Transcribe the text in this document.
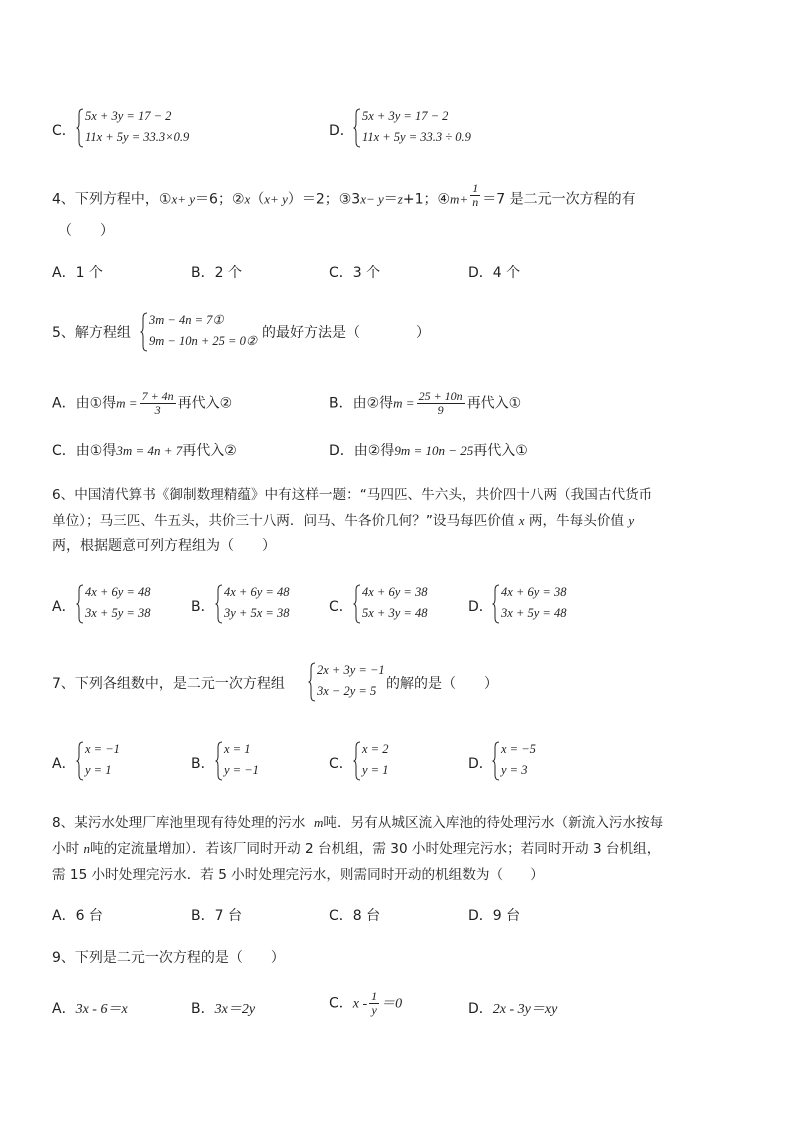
C．
5x + 3y = 17 − 2
11x + 5y = 33.3×0.9	D．
5x + 3y = 17 − 2
11x + 5y = 33.3 ÷ 0.9
4、下列方程中，①x+ y＝6；②x（x+ y）＝2；③3x− y＝z+1；④m+ $\frac{1}{n} =7$ 是二元一次方程的有
（　　）
A．1 个	B．2 个	C．3 个	D．4 个
5、解方程组
3m − 4n = 7①
9m − 10n + 25 = 0② 的最好方法是（　　　　）
A．由①得$m = \frac{7 + 4n}{3}$ 再代入②	B．由②得$m = \frac{25 + 10n}{9}$ 再代入①
C．由①得3m = 4n + 7再代入②	D．由②得9m = 10n − 25再代入①
6、中国清代算书《御制数理精蕴》中有这样一题：“马四匹、牛六头，共价四十八两（我国古代货币
单位）；马三匹、牛五头，共价三十八两．问马、牛各价几何？”设马每匹价值 x 两，牛每头价值 y
两，根据题意可列方程组为（　　）
A．
4x + 6y = 48
3x + 5y = 38	B．
4x + 6y = 48
3y + 5x = 38	C．
4x + 6y = 38
5x + 3y = 48	D．
4x + 6y = 38
3x + 5y = 48
7、下列各组数中，是二元一次方程组
2x + 3y = −1
3x − 2y = 5 的解的是（　　）
A．
x = −1
y = 1	B．
x = 1
y = −1	C．
x = 2
y = 1	D．
x = −5
y = 3
8、某污水处理厂库池里现有待处理的污水 m吨．另有从城区流入库池的待处理污水（新流入污水按每
小时 n吨的定流量增加）．若该厂同时开动 2 台机组，需 30 小时处理完污水；若同时开动 3 台机组，
需 15 小时处理完污水．若 5 小时处理完污水，则需同时开动的机组数为（　　）
A．6 台	B．7 台	C．8 台	D．9 台
9、下列是二元一次方程的是（　　）
A．3x - 6＝x	B．3x＝2y	C．$x - \frac{1}{y} =0$	D．2x - 3y＝xy
